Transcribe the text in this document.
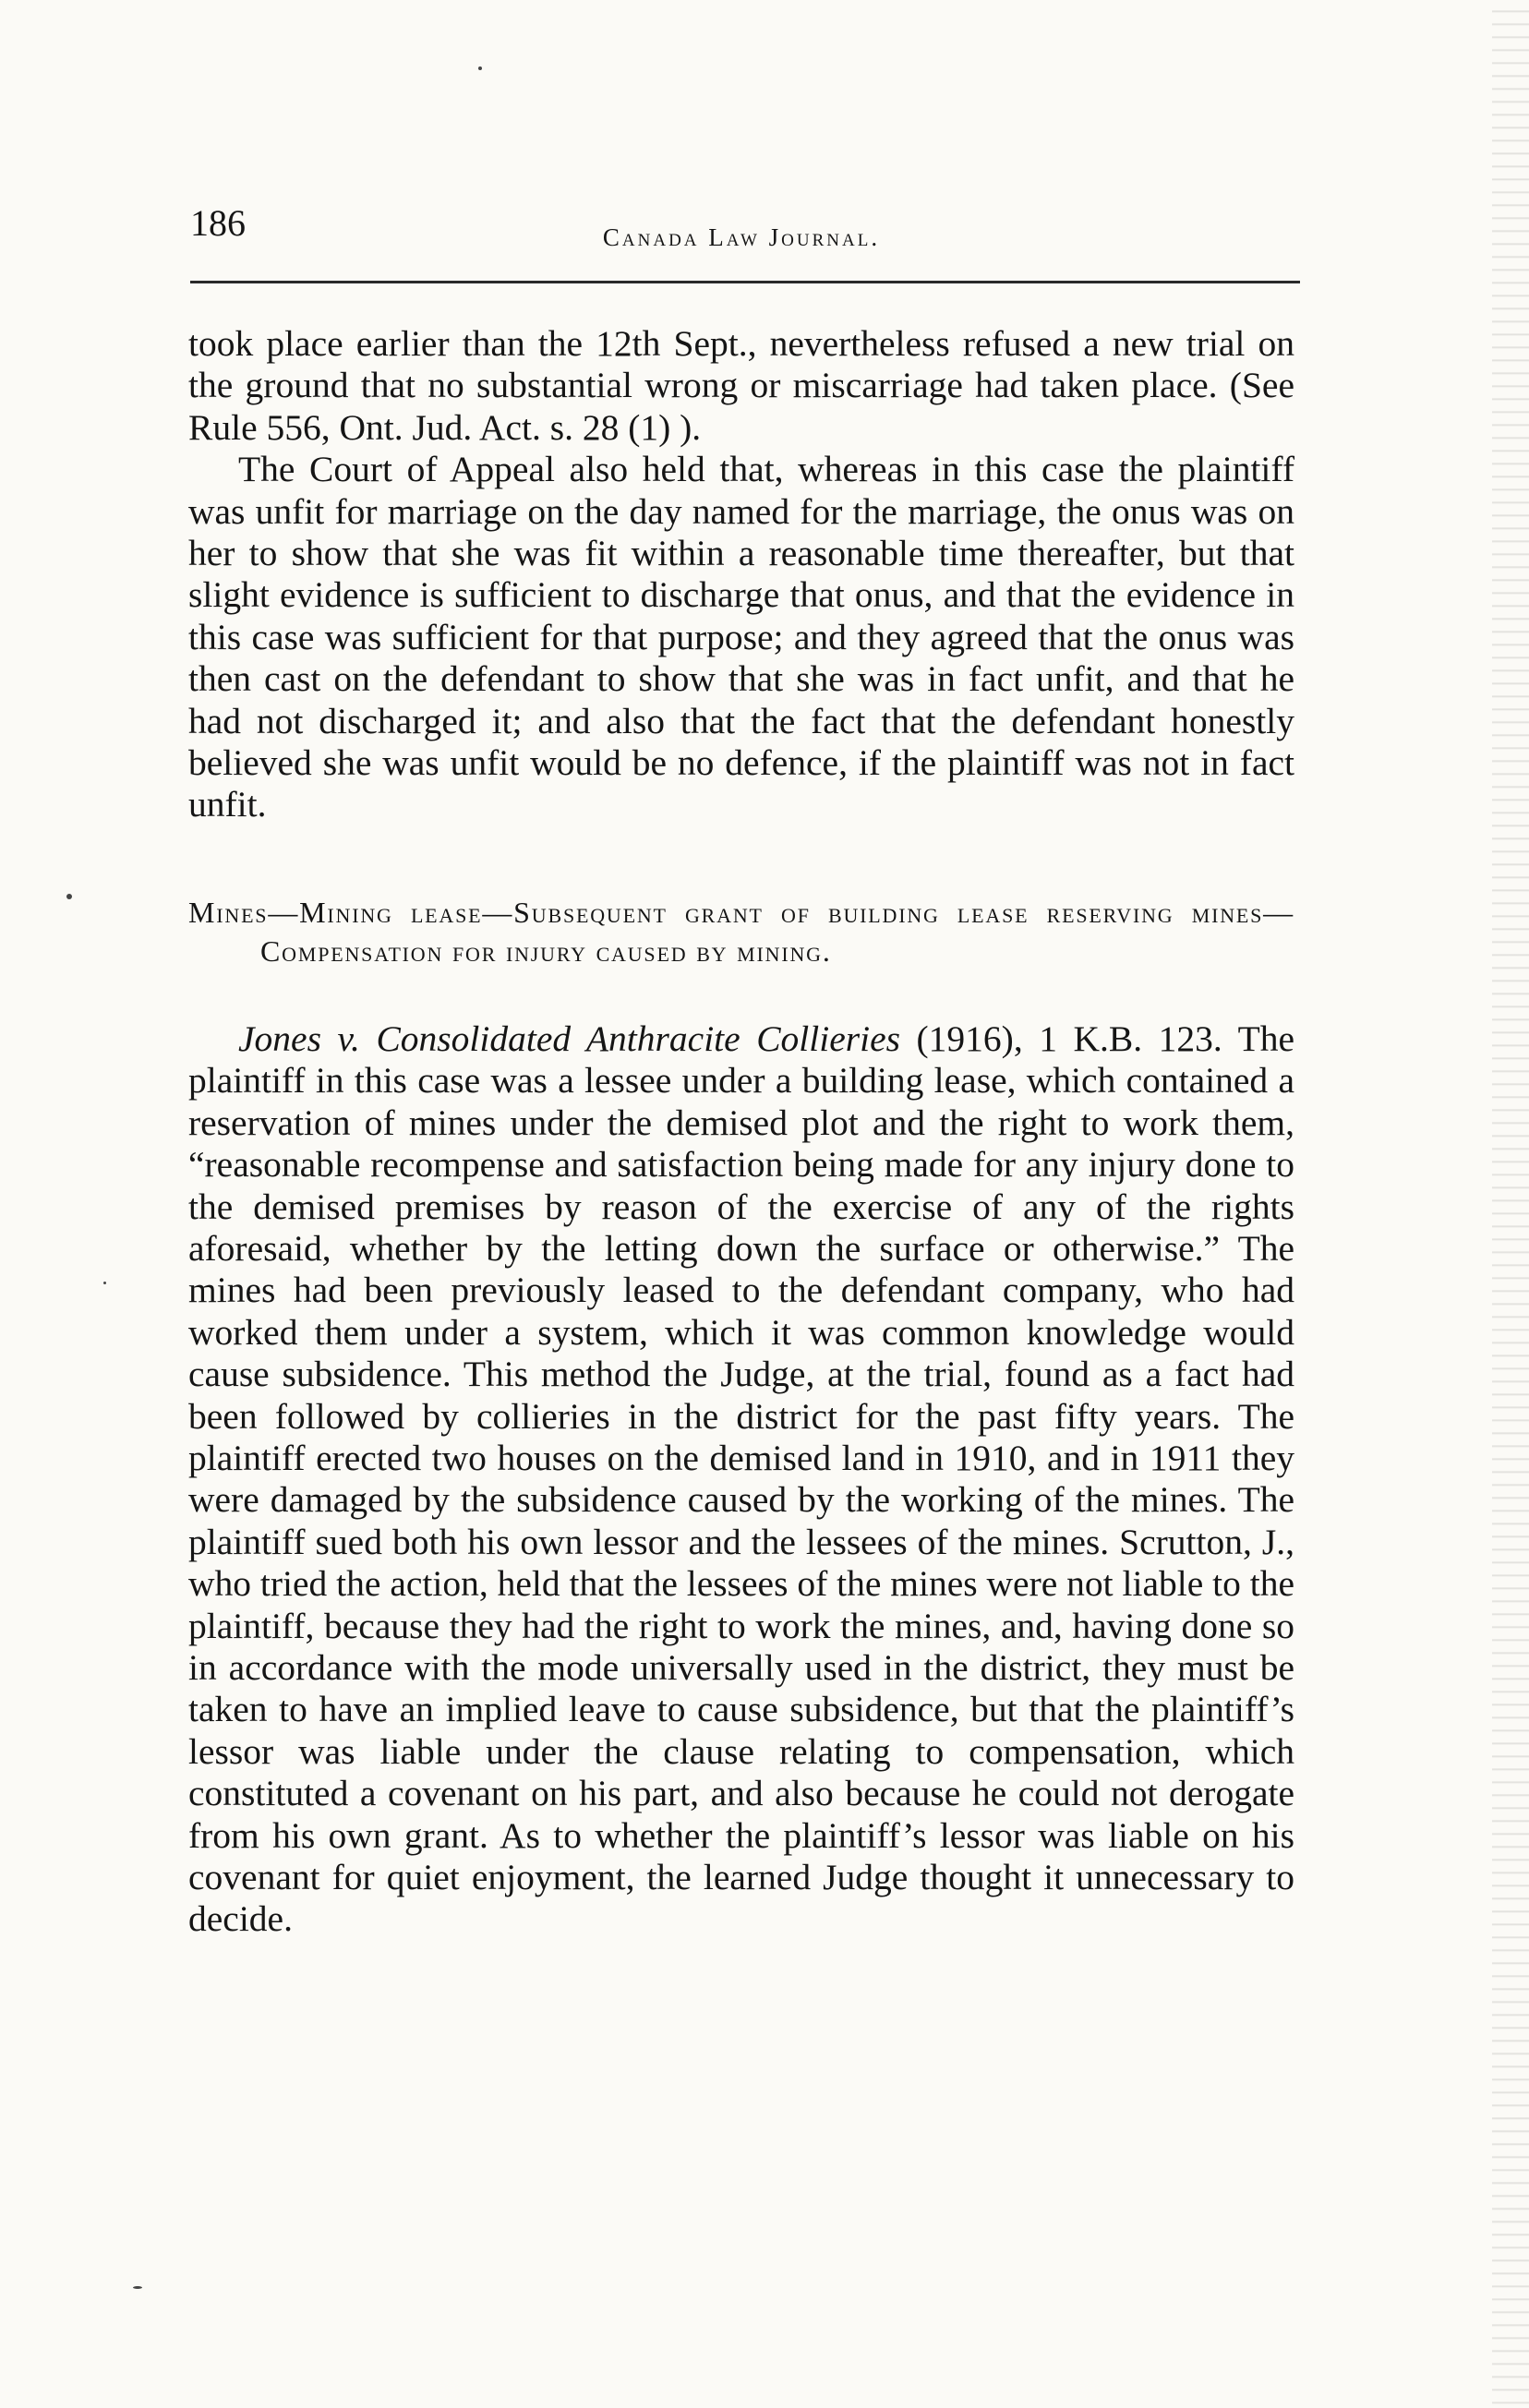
186	Canada Law Journal.

took place earlier than the 12th Sept., nevertheless refused a new trial on the ground that no substantial wrong or miscarriage had taken place. (See Rule 556, Ont. Jud. Act. s. 28 (1) ).

The Court of Appeal also held that, whereas in this case the plaintiff was unfit for marriage on the day named for the marriage, the onus was on her to show that she was fit within a reasonable time thereafter, but that slight evidence is sufficient to discharge that onus, and that the evidence in this case was sufficient for that purpose; and they agreed that the onus was then cast on the defendant to show that she was in fact unfit, and that he had not discharged it; and also that the fact that the defendant honestly believed she was unfit would be no defence, if the plaintiff was not in fact unfit.

Mines—Mining lease—Subsequent grant of building lease reserving mines—Compensation for injury caused by mining.

Jones v. Consolidated Anthracite Collieries (1916), 1 K.B. 123. The plaintiff in this case was a lessee under a building lease, which contained a reservation of mines under the demised plot and the right to work them, “reasonable recompense and satisfaction being made for any injury done to the demised premises by reason of the exercise of any of the rights aforesaid, whether by the letting down the surface or otherwise.” The mines had been previously leased to the defendant company, who had worked them under a system, which it was common knowledge would cause subsidence. This method the Judge, at the trial, found as a fact had been followed by collieries in the district for the past fifty years. The plaintiff erected two houses on the demised land in 1910, and in 1911 they were damaged by the subsidence caused by the working of the mines. The plaintiff sued both his own lessor and the lessees of the mines. Scrutton, J., who tried the action, held that the lessees of the mines were not liable to the plaintiff, because they had the right to work the mines, and, having done so in accordance with the mode universally used in the district, they must be taken to have an implied leave to cause subsidence, but that the plaintiff’s lessor was liable under the clause relating to compensation, which constituted a covenant on his part, and also because he could not derogate from his own grant. As to whether the plaintiff’s lessor was liable on his covenant for quiet enjoyment, the learned Judge thought it unnecessary to decide.
